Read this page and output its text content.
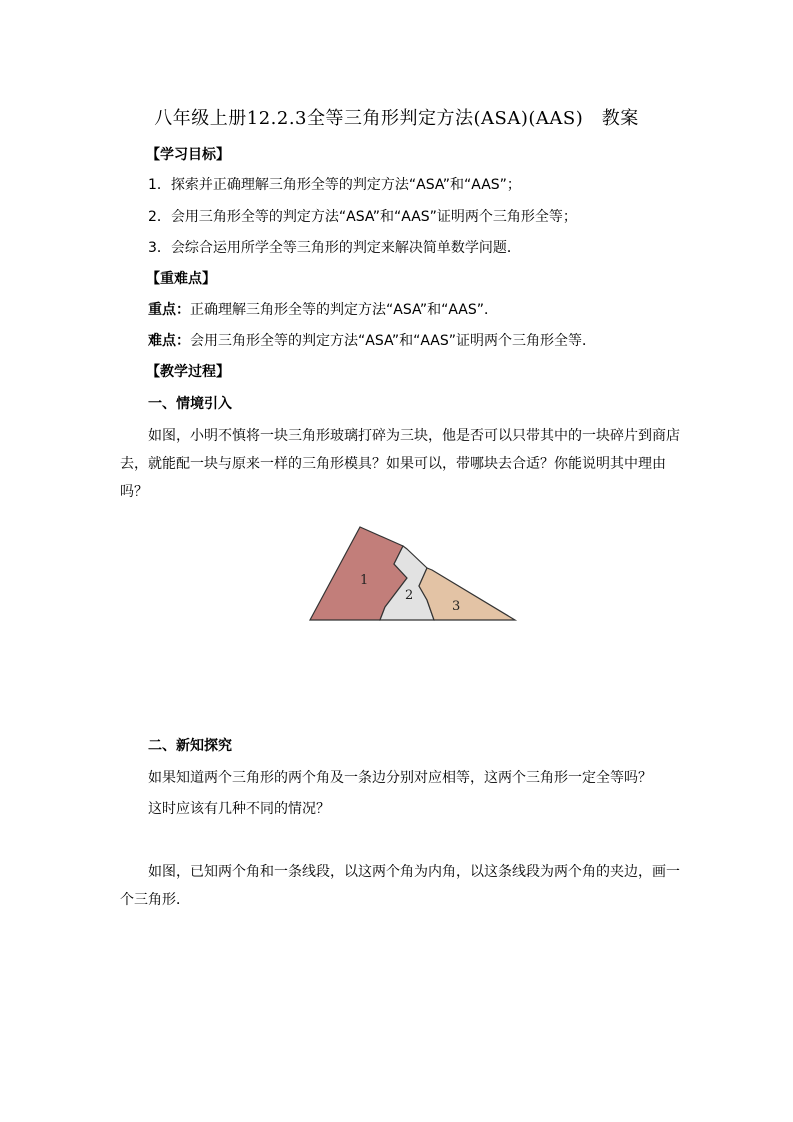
八年级上册12.2.3全等三角形判定方法(ASA)(AAS)　教案
【学习目标】
1．探索并正确理解三角形全等的判定方法“ASA”和“AAS”；
2．会用三角形全等的判定方法“ASA”和“AAS”证明两个三角形全等；
3．会综合运用所学全等三角形的判定来解决简单数学问题．
【重难点】
重点：正确理解三角形全等的判定方法“ASA”和“AAS”．
难点：会用三角形全等的判定方法“ASA”和“AAS”证明两个三角形全等．
【教学过程】
一、情境引入
如图，小明不慎将一块三角形玻璃打碎为三块，他是否可以只带其中的一块碎片到商店去，就能配一块与原来一样的三角形模具？如果可以，带哪块去合适？你能说明其中理由吗？
1
2
3
二、新知探究
如果知道两个三角形的两个角及一条边分别对应相等，这两个三角形一定全等吗？
这时应该有几种不同的情况？
如图，已知两个角和一条线段，以这两个角为内角，以这条线段为两个角的夹边，画一个三角形．
